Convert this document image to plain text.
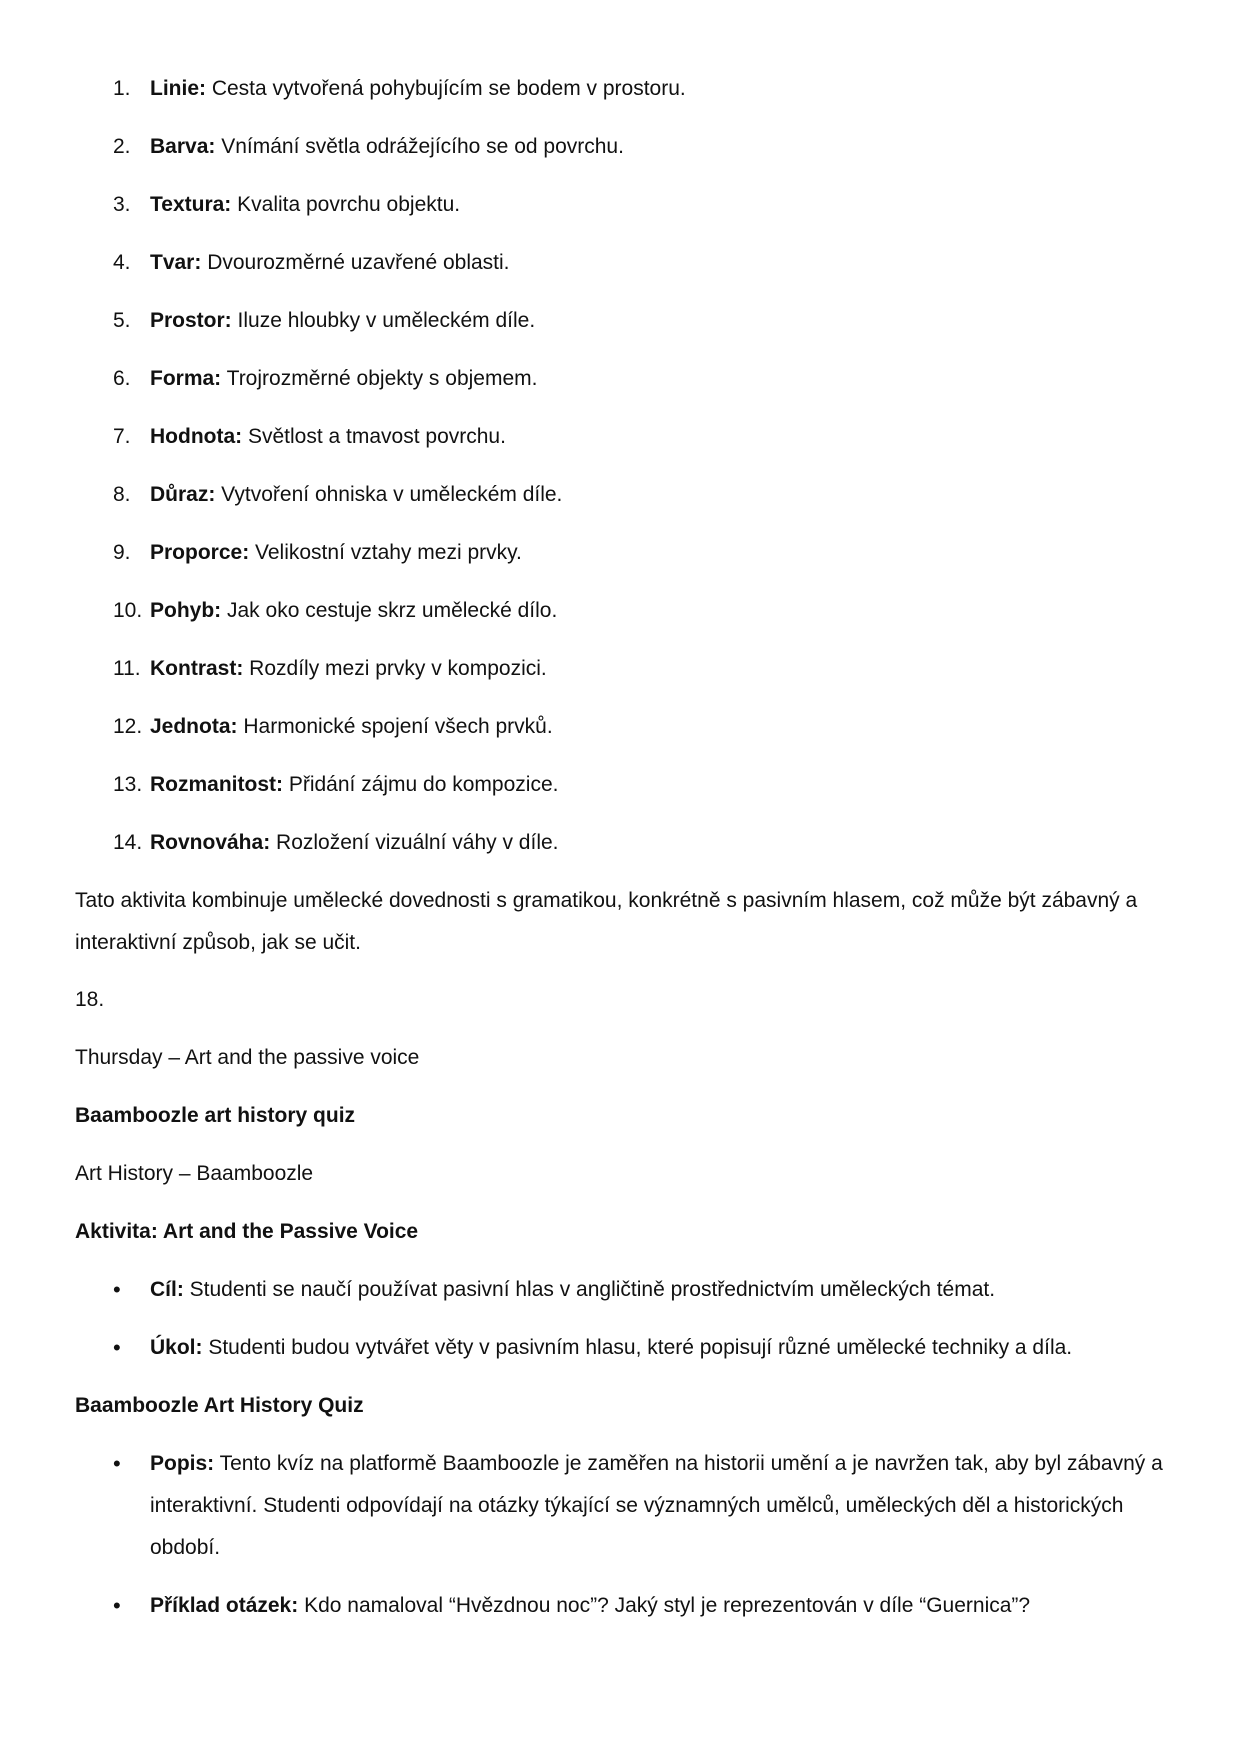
1. Linie: Cesta vytvořená pohybujícím se bodem v prostoru.
2. Barva: Vnímání světla odrážejícího se od povrchu.
3. Textura: Kvalita povrchu objektu.
4. Tvar: Dvourozměrné uzavřené oblasti.
5. Prostor: Iluze hloubky v uměleckém díle.
6. Forma: Trojrozměrné objekty s objemem.
7. Hodnota: Světlost a tmavost povrchu.
8. Důraz: Vytvoření ohniska v uměleckém díle.
9. Proporce: Velikostní vztahy mezi prvky.
10. Pohyb: Jak oko cestuje skrz umělecké dílo.
11. Kontrast: Rozdíly mezi prvky v kompozici.
12. Jednota: Harmonické spojení všech prvků.
13. Rozmanitost: Přidání zájmu do kompozice.
14. Rovnováha: Rozložení vizuální váhy v díle.
Tato aktivita kombinuje umělecké dovednosti s gramatikou, konkrétně s pasivním hlasem, což může být zábavný a interaktivní způsob, jak se učit.
18.
Thursday – Art and the passive voice
Baamboozle art history quiz
Art History – Baamboozle
Aktivita: Art and the Passive Voice
• Cíl: Studenti se naučí používat pasivní hlas v angličtině prostřednictvím uměleckých témat.
• Úkol: Studenti budou vytvářet věty v pasivním hlasu, které popisují různé umělecké techniky a díla.
Baamboozle Art History Quiz
• Popis: Tento kvíz na platformě Baamboozle je zaměřen na historii umění a je navržen tak, aby byl zábavný a interaktivní. Studenti odpovídají na otázky týkající se významných umělců, uměleckých děl a historických období.
• Příklad otázek: Kdo namaloval “Hvězdnou noc”? Jaký styl je reprezentován v díle “Guernica”?
